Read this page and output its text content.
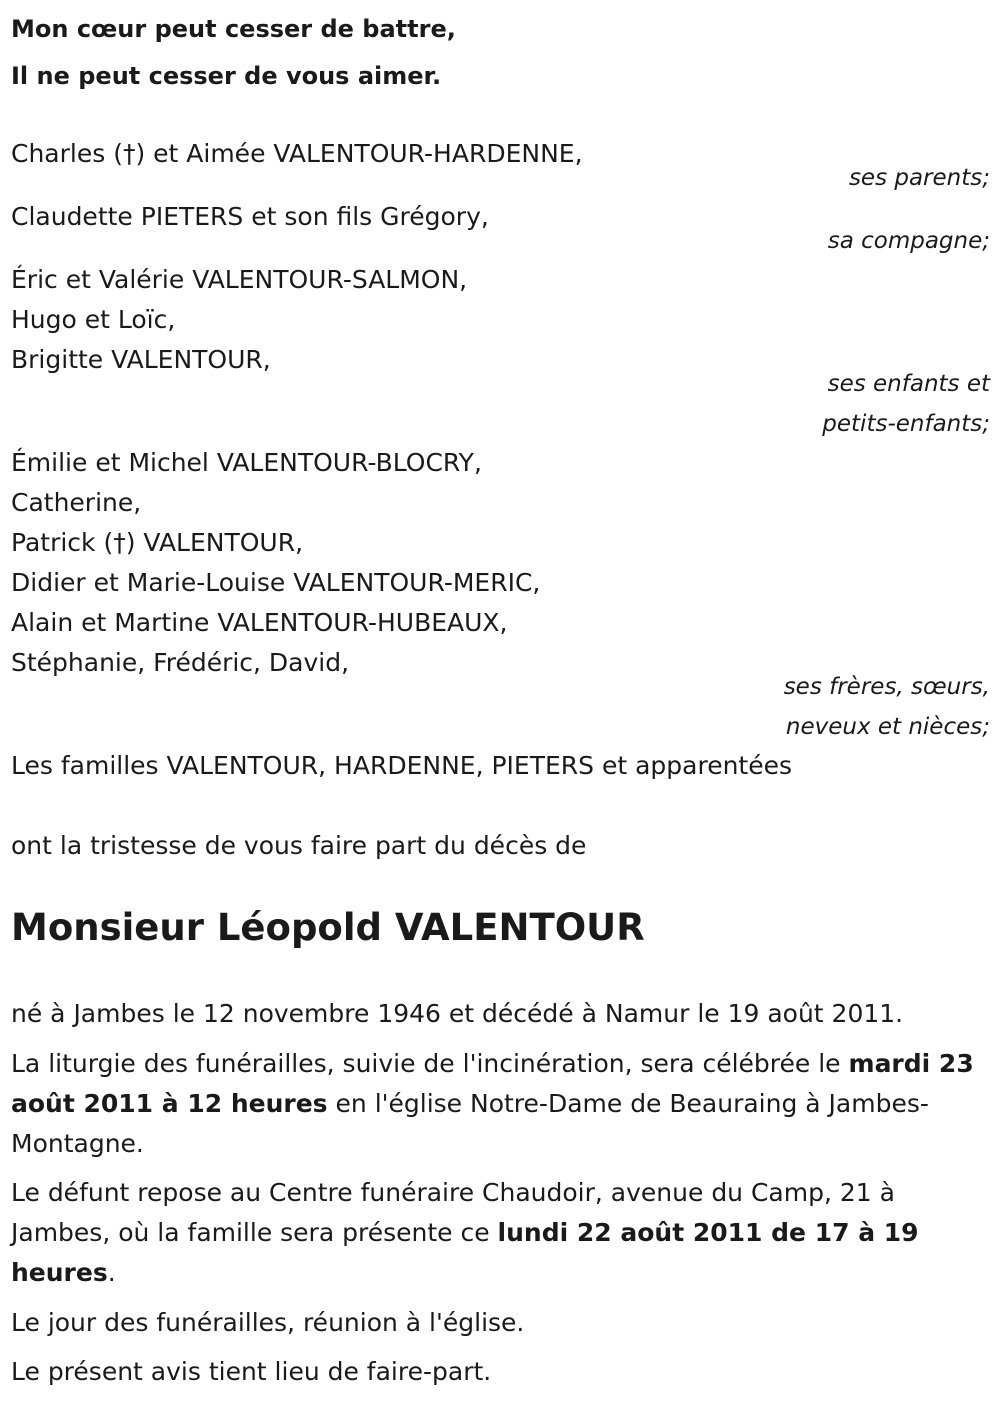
Mon cœur peut cesser de battre,
Il ne peut cesser de vous aimer.
Charles (†) et Aimée VALENTOUR-HARDENNE,
ses parents;
Claudette PIETERS et son fils Grégory,
sa compagne;
Éric et Valérie VALENTOUR-SALMON,
Hugo et Loïc,
Brigitte VALENTOUR,
ses enfants et
petits-enfants;
Émilie et Michel VALENTOUR-BLOCRY,
Catherine,
Patrick (†) VALENTOUR,
Didier et Marie-Louise VALENTOUR-MERIC,
Alain et Martine VALENTOUR-HUBEAUX,
Stéphanie, Frédéric, David,
ses frères, sœurs,
neveux et nièces;
Les familles VALENTOUR, HARDENNE, PIETERS et apparentées
ont la tristesse de vous faire part du décès de
Monsieur Léopold VALENTOUR
né à Jambes le 12 novembre 1946 et décédé à Namur le 19 août 2011.
La liturgie des funérailles, suivie de l'incinération, sera célébrée le mardi 23 août 2011 à 12 heures en l'église Notre-Dame de Beauraing à Jambes-Montagne.
Le défunt repose au Centre funéraire Chaudoir, avenue du Camp, 21 à Jambes, où la famille sera présente ce lundi 22 août 2011 de 17 à 19 heures.
Le jour des funérailles, réunion à l'église.
Le présent avis tient lieu de faire-part.
